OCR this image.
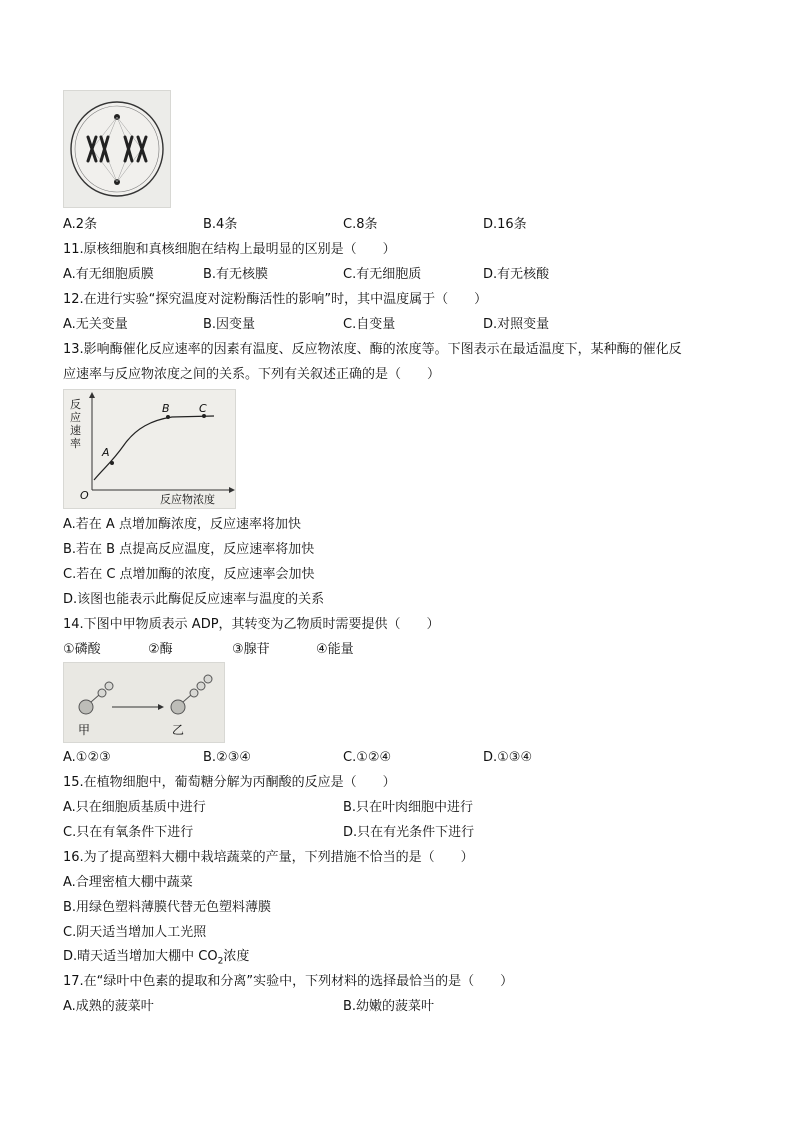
A.2条	B.4条	C.8条	D.16条
11.原核细胞和真核细胞在结构上最明显的区别是（　　）
A.有无细胞质膜	B.有无核膜	C.有无细胞质	D.有无核酸
12.在进行实验“探究温度对淀粉酶活性的影响”时，其中温度属于（　　）
A.无关变量	B.因变量	C.自变量	D.对照变量
13.影响酶催化反应速率的因素有温度、反应物浓度、酶的浓度等。下图表示在最适温度下，某种酶的催化反
应速率与反应物浓度之间的关系。下列有关叙述正确的是（　　）
反应速率
反应物浓度
O
A
B	C
A.若在 A 点增加酶浓度，反应速率将加快
B.若在 B 点提高反应温度，反应速率将加快
C.若在 C 点增加酶的浓度，反应速率会加快
D.该图也能表示此酶促反应速率与温度的关系
14.下图中甲物质表示 ADP，其转变为乙物质时需要提供（　　）
①磷酸	②酶	③腺苷	④能量
甲	乙
A.①②③	B.②③④	C.①②④	D.①③④
15.在植物细胞中，葡萄糖分解为丙酮酸的反应是（　　）
A.只在细胞质基质中进行	B.只在叶肉细胞中进行
C.只在有氧条件下进行	D.只在有光条件下进行
16.为了提高塑料大棚中栽培蔬菜的产量，下列措施不恰当的是（　　）
A.合理密植大棚中蔬菜
B.用绿色塑料薄膜代替无色塑料薄膜
C.阴天适当增加人工光照
D.晴天适当增加大棚中 $CO_2$浓度
17.在“绿叶中色素的提取和分离”实验中，下列材料的选择最恰当的是（　　）
A.成熟的菠菜叶	B.幼嫩的菠菜叶
